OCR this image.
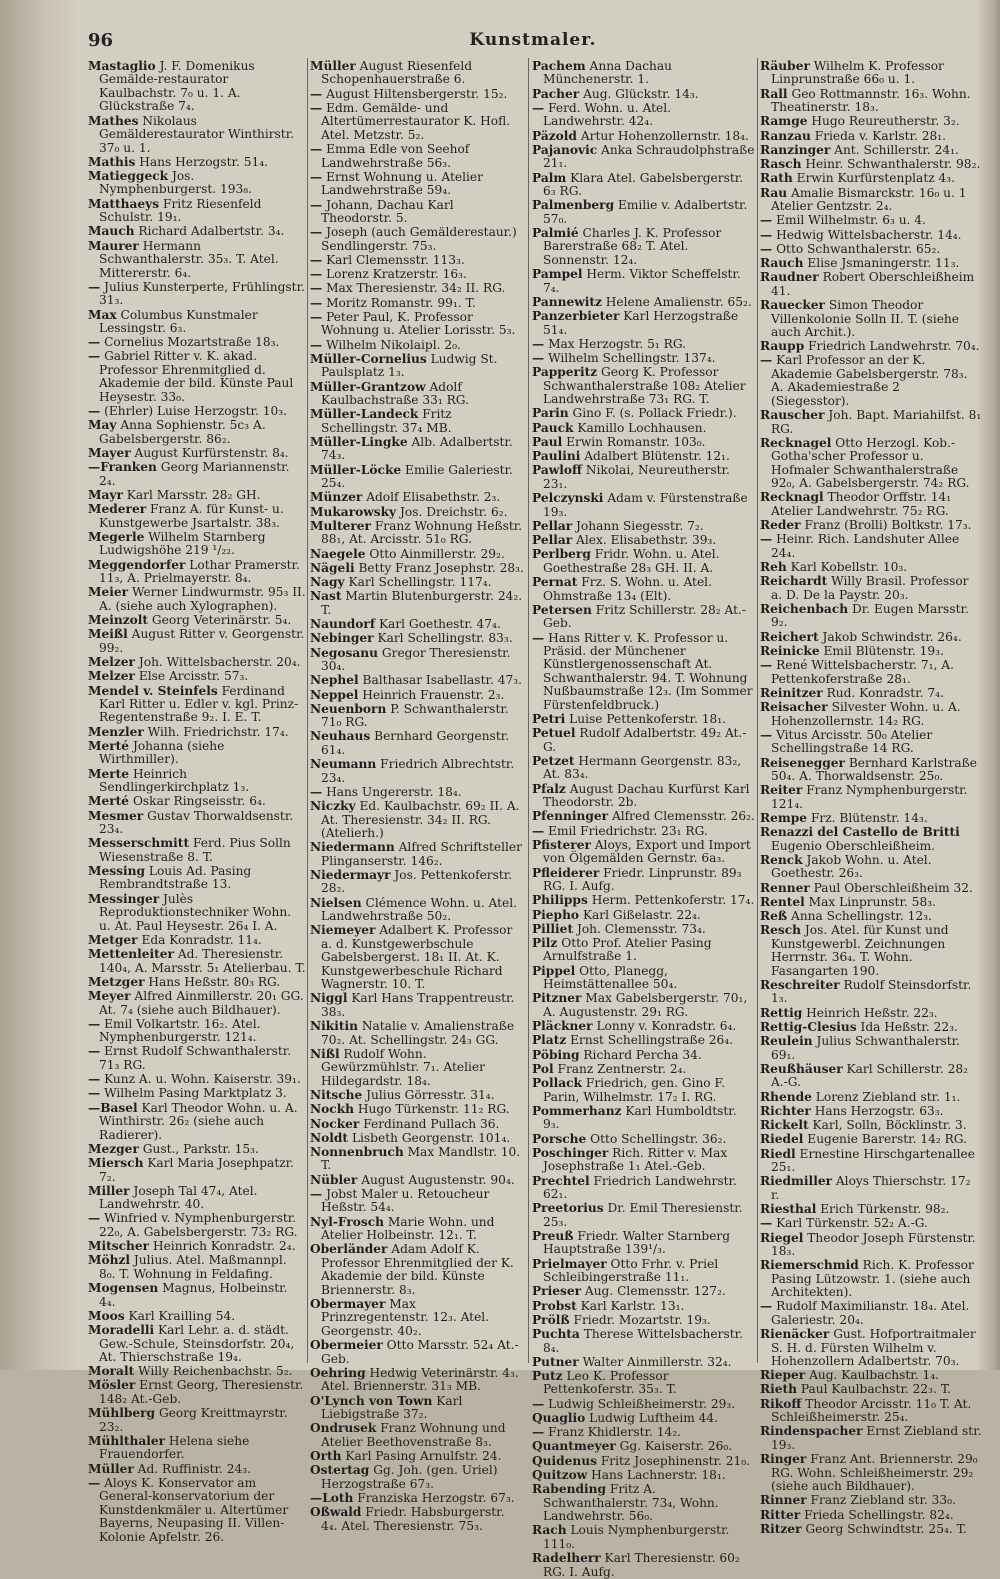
96	Kunstmaler.
Mastaglio J. F. Domenikus Gemälde-restaurator Kaulbachstr. 7₀ u. 1. A. Glückstraße 7₄.
Mathes Nikolaus Gemälderestaurator Winthirstr. 37₀ u. 1.
Mathis Hans Herzogstr. 51₄.
Matieggeck Jos. Nymphenburgerst. 193₈.
Matthaeys Fritz Riesenfeld Schulstr. 19₁.
Mauch Richard Adalbertstr. 3₄.
Maurer Hermann Schwanthalerstr. 35₃. T. Atel. Mittererstr. 6₄.
— Julius Kunsterperte, Frühlingstr. 31₃.
Max Columbus Kunstmaler Lessingstr. 6₃.
— Cornelius Mozartstraße 18₃.
— Gabriel Ritter v. K. akad. Professor Ehrenmitglied d. Akademie der bild. Künste Paul Heysestr. 33₀.
— (Ehrler) Luise Herzogstr. 10₃.
May Anna Sophienstr. 5c₃ A. Gabelsbergerstr. 86₂.
Mayer August Kurfürstenstr. 8₄.
—Franken Georg Mariannenstr. 2₄.
Mayr Karl Marsstr. 28₂ GH.
Mederer Franz A. für Kunst- u. Kunstgewerbe Jsartalstr. 38₃.
Megerle Wilhelm Starnberg Ludwigshöhe 219 ¹/₂₂.
Meggendorfer Lothar Pramerstr. 11₃, A. Prielmayerstr. 8₄.
Meier Werner Lindwurmstr. 95₃ II. A. (siehe auch Xylographen).
Meinzolt Georg Veterinärstr. 5₄.
Meißl August Ritter v. Georgenstr. 99₂.
Melzer Joh. Wittelsbacherstr. 20₄.
Melzer Else Arcisstr. 57₃.
Mendel v. Steinfels Ferdinand Karl Ritter u. Edler v. kgl. Prinz-Regentenstraße 9₂. I. E. T.
Menzler Wilh. Friedrichstr. 17₄.
Merté Johanna (siehe Wirthmiller).
Merte Heinrich Sendlingerkirchplatz 1₃.
Merté Oskar Ringseisstr. 6₄.
Mesmer Gustav Thorwaldsenstr. 23₄.
Messerschmitt Ferd. Pius Solln Wiesenstraße 8. T.
Messing Louis Ad. Pasing Rembrandtstraße 13.
Messinger Julès Reproduktionstechniker Wohn. u. At. Paul Heysestr. 26₄ I. A.
Metger Eda Konradstr. 11₄.
Mettenleiter Ad. Theresienstr. 140₄, A. Marsstr. 5₁ Atelierbau. T.
Metzger Hans Heßstr. 80₃ RG.
Meyer Alfred Ainmillerstr. 20₁ GG. At. 7₄ (siehe auch Bildhauer).
— Emil Volkartstr. 16₂. Atel. Nymphenburgerstr. 121₄.
— Ernst Rudolf Schwanthalerstr. 71₃ RG.
— Kunz A. u. Wohn. Kaiserstr. 39₁.
— Wilhelm Pasing Marktplatz 3.
—Basel Karl Theodor Wohn. u. A. Winthirstr. 26₂ (siehe auch Radierer).
Mezger Gust., Parkstr. 15₃.
Miersch Karl Maria Josephpatzr. 7₂.
Miller Joseph Tal 47₄, Atel. Landwehrstr. 40.
— Winfried v. Nymphenburgerstr. 22₀, A. Gabelsbergerstr. 73₂ RG.
Mitscher Heinrich Konradstr. 2₄.
Möhzl Julius. Atel. Maßmannpl. 8₀. T. Wohnung in Feldafing.
Mogensen Magnus, Holbeinstr. 4₄.
Moos Karl Krailling 54.
Moradelli Karl Lehr. a. d. städt. Gew.-Schule, Steinsdorfstr. 20₄, At. Thierschstraße 19₄.
Moralt Willy Reichenbachstr. 5₂.
Mösler Ernst Georg, Theresienstr. 148₂ At.-Geb.
Mühlberg Georg Kreittmayrstr. 23₂.
Mühlthaler Helena siehe Frauendorfer.
Müller Ad. Ruffinistr. 24₃.
— Aloys K. Konservator am General-konservatorium der Kunstdenkmäler u. Altertümer Bayerns, Neupasing II. Villen-Kolonie Apfelstr. 26.
Müller August Riesenfeld Schopenhauerstraße 6.
— August Hiltensbergerstr. 15₂.
— Edm. Gemälde- und Altertümerrestaurator K. Hofl. Atel. Metzstr. 5₂.
— Emma Edle von Seehof Landwehrstraße 56₃.
— Ernst Wohnung u. Atelier Landwehrstraße 59₄.
— Johann, Dachau Karl Theodorstr. 5.
— Joseph (auch Gemälderestaur.) Sendlingerstr. 75₃.
— Karl Clemensstr. 113₃.
— Lorenz Kratzerstr. 16₃.
— Max Theresienstr. 34₂ II. RG.
— Moritz Romanstr. 99₁. T.
— Peter Paul, K. Professor Wohnung u. Atelier Lorisstr. 5₃.
— Wilhelm Nikolaipl. 2₀.
Müller-Cornelius Ludwig St. Paulsplatz 1₃.
Müller-Grantzow Adolf Kaulbachstraße 33₁ RG.
Müller-Landeck Fritz Schellingstr. 37₄ MB.
Müller-Lingke Alb. Adalbertstr. 74₃.
Müller-Löcke Emilie Galeriestr. 25₄.
Münzer Adolf Elisabethstr. 2₃.
Mukarowsky Jos. Dreichstr. 6₂.
Multerer Franz Wohnung Heßstr. 88₁, At. Arcisstr. 51₀ RG.
Naegele Otto Ainmillerstr. 29₂.
Nägeli Betty Franz Josephstr. 28₃.
Nagy Karl Schellingstr. 117₄.
Nast Martin Blutenburgerstr. 24₂. T.
Naundorf Karl Goethestr. 47₄.
Nebinger Karl Schellingstr. 83₃.
Negosanu Gregor Theresienstr. 30₄.
Nephel Balthasar Isabellastr. 47₃.
Neppel Heinrich Frauenstr. 2₃.
Neuenborn P. Schwanthalerstr. 71₀ RG.
Neuhaus Bernhard Georgenstr. 61₄.
Neumann Friedrich Albrechtstr. 23₄.
— Hans Ungererstr. 18₄.
Niczky Ed. Kaulbachstr. 69₂ II. A. At. Theresienstr. 34₂ II. RG. (Atelierh.)
Niedermann Alfred Schriftsteller Plinganserstr. 146₂.
Niedermayr Jos. Pettenkoferstr. 28₂.
Nielsen Clémence Wohn. u. Atel. Landwehrstraße 50₂.
Niemeyer Adalbert K. Professor a. d. Kunstgewerbschule Gabelsbergerst. 18₁ II. At. K. Kunstgewerbeschule Richard Wagnerstr. 10. T.
Niggl Karl Hans Trappentreustr. 38₃.
Nikitin Natalie v. Amalienstraße 70₂. At. Schellingstr. 24₃ GG.
Nißl Rudolf Wohn. Gewürzmühlstr. 7₁. Atelier Hildegardstr. 18₄.
Nitsche Julius Görresstr. 31₄.
Nockh Hugo Türkenstr. 11₂ RG.
Nocker Ferdinand Pullach 36.
Noldt Lisbeth Georgenstr. 101₄.
Nonnenbruch Max Mandlstr. 10. T.
Nübler August Augustenstr. 90₄.
— Jobst Maler u. Retoucheur Heßstr. 54₄.
Nyl-Frosch Marie Wohn. und Atelier Holbeinstr. 12₁. T.
Oberländer Adam Adolf K. Professor Ehrenmitglied der K. Akademie der bild. Künste Briennerstr. 8₃.
Obermayer Max Prinzregentenstr. 12₃. Atel. Georgenstr. 40₂.
Obermeier Otto Marsstr. 52₄ At.-Geb.
Oehring Hedwig Veterinärstr. 4₃. Atel. Briennerstr. 31₃ MB.
O'Lynch von Town Karl Liebigstraße 37₂.
Ondrusek Franz Wohnung und Atelier Beethovenstraße 8₃.
Orth Karl Pasing Arnulfstr. 24.
Ostertag Gg. Joh. (gen. Uriel) Herzogstraße 67₃.
—Loth Franziska Herzogstr. 67₃.
Oßwald Friedr. Habsburgerstr. 4₄. Atel. Theresienstr. 75₃.
Pachem Anna Dachau Münchenerstr. 1.
Pacher Aug. Glückstr. 14₃.
— Ferd. Wohn. u. Atel. Landwehrstr. 42₄.
Päzold Artur Hohenzollernstr. 18₄.
Pajanovic Anka Schraudolphstraße 21₁.
Palm Klara Atel. Gabelsbergerstr. 6₃ RG.
Palmenberg Emilie v. Adalbertstr. 57₀.
Palmié Charles J. K. Professor Barerstraße 68₂ T. Atel. Sonnenstr. 12₄.
Pampel Herm. Viktor Scheffelstr. 7₄.
Pannewitz Helene Amalienstr. 65₂.
Panzerbieter Karl Herzogstraße 51₄.
— Max Herzogstr. 5₁ RG.
— Wilhelm Schellingstr. 137₄.
Papperitz Georg K. Professor Schwanthalerstraße 108₂ Atelier Landwehrstraße 73₁ RG. T.
Parin Gino F. (s. Pollack Friedr.).
Pauck Kamillo Lochhausen.
Paul Erwin Romanstr. 103₀.
Paulini Adalbert Blütenstr. 12₁.
Pawloff Nikolai, Neureutherstr. 23₁.
Pelczynski Adam v. Fürstenstraße 19₃.
Pellar Johann Siegesstr. 7₂.
Pellar Alex. Elisabethstr. 39₃.
Perlberg Fridr. Wohn. u. Atel. Goethestraße 28₃ GH. II. A.
Pernat Frz. S. Wohn. u. Atel. Ohmstraße 13₄ (Elt).
Petersen Fritz Schillerstr. 28₂ At.-Geb.
— Hans Ritter v. K. Professor u. Präsid. der Münchener Künstlergenossenschaft At. Schwanthalerstr. 94. T. Wohnung Nußbaumstraße 12₃. (Im Sommer Fürstenfeldbruck.)
Petri Luise Pettenkoferstr. 18₁.
Petuel Rudolf Adalbertstr. 49₂ At.-G.
Petzet Hermann Georgenstr. 83₂, At. 83₄.
Pfalz August Dachau Kurfürst Karl Theodorstr. 2b.
Pfenninger Alfred Clemensstr. 26₂.
— Emil Friedrichstr. 23₁ RG.
Pfisterer Aloys, Export und Import von Ölgemälden Gernstr. 6a₃.
Pfleiderer Friedr. Linprunstr. 89₃ RG. I. Aufg.
Philipps Herm. Pettenkoferstr. 17₄.
Piepho Karl Gißelastr. 22₄.
Pilliet Joh. Clemensstr. 73₄.
Pilz Otto Prof. Atelier Pasing Arnulfstraße 1.
Pippel Otto, Planegg, Heimstättenallee 50₄.
Pitzner Max Gabelsbergerstr. 70₁, A. Augustenstr. 29₁ RG.
Pläckner Lonny v. Konradstr. 6₄.
Platz Ernst Schellingstraße 26₄.
Pöbing Richard Percha 34.
Pol Franz Zentnerstr. 2₄.
Pollack Friedrich, gen. Gino F. Parin, Wilhelmstr. 17₂ I. RG.
Pommerhanz Karl Humboldtstr. 9₃.
Porsche Otto Schellingstr. 36₂.
Poschinger Rich. Ritter v. Max Josephstraße 1₁ Atel.-Geb.
Prechtel Friedrich Landwehrstr. 62₁.
Preetorius Dr. Emil Theresienstr. 25₃.
Preuß Friedr. Walter Starnberg Hauptstraße 139¹/₃.
Prielmayer Otto Frhr. v. Priel Schleibingerstraße 11₁.
Prieser Aug. Clemensstr. 127₂.
Probst Karl Karlstr. 13₁.
Prölß Friedr. Mozartstr. 19₃.
Puchta Therese Wittelsbacherstr. 8₄.
Putner Walter Ainmillerstr. 32₄.
Putz Leo K. Professor Pettenkoferstr. 35₃. T.
— Ludwig Schleißheimerstr. 29₃.
Quaglio Ludwig Luftheim 44.
— Franz Khidlerstr. 14₂.
Quantmeyer Gg. Kaiserstr. 26₀.
Quidenus Fritz Josephinenstr. 21₀.
Quitzow Hans Lachnerstr. 18₁.
Rabending Fritz A. Schwanthalerstr. 73₄, Wohn. Landwehrstr. 56₀.
Rach Louis Nymphenburgerstr. 111₀.
Radelherr Karl Theresienstr. 60₂ RG. I. Aufg.
Räuber Wilhelm K. Professor Linprunstraße 66₀ u. 1.
Rall Geo Rottmannstr. 16₃. Wohn. Theatinerstr. 18₃.
Ramge Hugo Reureutherstr. 3₂.
Ranzau Frieda v. Karlstr. 28₁.
Ranzinger Ant. Schillerstr. 24₁.
Rasch Heinr. Schwanthalerstr. 98₂.
Rath Erwin Kurfürstenplatz 4₃.
Rau Amalie Bismarckstr. 16₀ u. 1 Atelier Gentzstr. 2₄.
— Emil Wilhelmstr. 6₃ u. 4.
— Hedwig Wittelsbacherstr. 14₄.
— Otto Schwanthalerstr. 65₂.
Rauch Elise Jsmaningerstr. 11₃.
Raudner Robert Oberschleißheim 41.
Rauecker Simon Theodor Villenkolonie Solln II. T. (siehe auch Archit.).
Raupp Friedrich Landwehrstr. 70₄.
— Karl Professor an der K. Akademie Gabelsbergerstr. 78₃. A. Akademiestraße 2 (Siegesstor).
Rauscher Joh. Bapt. Mariahilfst. 8₁ RG.
Recknagel Otto Herzogl. Kob.-Gotha'scher Professor u. Hofmaler Schwanthalerstraße 92₀, A. Gabelsbergerstr. 74₂ RG.
Recknagl Theodor Orffstr. 14₁ Atelier Landwehrstr. 75₂ RG.
Reder Franz (Brolli) Boltkstr. 17₃.
— Heinr. Rich. Landshuter Allee 24₄.
Reh Karl Kobellstr. 10₃.
Reichardt Willy Brasil. Professor a. D. De la Paystr. 20₃.
Reichenbach Dr. Eugen Marsstr. 9₂.
Reichert Jakob Schwindstr. 26₄.
Reinicke Emil Blütenstr. 19₃.
— René Wittelsbacherstr. 7₁, A. Pettenkoferstraße 28₁.
Reinitzer Rud. Konradstr. 7₄.
Reisacher Silvester Wohn. u. A. Hohenzollernstr. 14₂ RG.
— Vitus Arcisstr. 50₀ Atelier Schellingstraße 14 RG.
Reisenegger Bernhard Karlstraße 50₄. A. Thorwaldsenstr. 25₀.
Reiter Franz Nymphenburgerstr. 121₄.
Rempe Frz. Blütenstr. 14₃.
Renazzi del Castello de Britti Eugenio Oberschleißheim.
Renck Jakob Wohn. u. Atel. Goethestr. 26₃.
Renner Paul Oberschleißheim 32.
Rentel Max Linprunstr. 58₃.
Reß Anna Schellingstr. 12₃.
Resch Jos. Atel. für Kunst und Kunstgewerbl. Zeichnungen Herrnstr. 36₄. T. Wohn. Fasangarten 190.
Reschreiter Rudolf Steinsdorfstr. 1₃.
Rettig Heinrich Heßstr. 22₃.
Rettig-Clesius Ida Heßstr. 22₃.
Reulein Julius Schwanthalerstr. 69₁.
Reußhäuser Karl Schillerstr. 28₂ A.-G.
Rhende Lorenz Ziebland str. 1₁.
Richter Hans Herzogstr. 63₃.
Rickelt Karl, Solln, Böcklinstr. 3.
Riedel Eugenie Barerstr. 14₂ RG.
Riedl Ernestine Hirschgartenallee 25₁.
Riedmiller Aloys Thierschstr. 17₂ r.
Riesthal Erich Türkenstr. 98₂.
— Karl Türkenstr. 52₂ A.-G.
Riegel Theodor Joseph Fürstenstr. 18₃.
Riemerschmid Rich. K. Professor Pasing Lützowstr. 1. (siehe auch Architekten).
— Rudolf Maximilianstr. 18₄. Atel. Galeriestr. 20₄.
Rienäcker Gust. Hofportraitmaler S. H. d. Fürsten Wilhelm v. Hohenzollern Adalbertstr. 70₃.
Rieper Aug. Kaulbachstr. 1₄.
Rieth Paul Kaulbachstr. 22₃. T.
Rikoff Theodor Arcisstr. 11₀ T. At. Schleißheimerstr. 25₄.
Rindenspacher Ernst Ziebland str. 19₃.
Ringer Franz Ant. Briennerstr. 29₀ RG. Wohn. Schleißheimerstr. 29₂ (siehe auch Bildhauer).
Rinner Franz Ziebland str. 33₀.
Ritter Frieda Schellingstr. 82₄.
Ritzer Georg Schwindtstr. 25₄. T.
